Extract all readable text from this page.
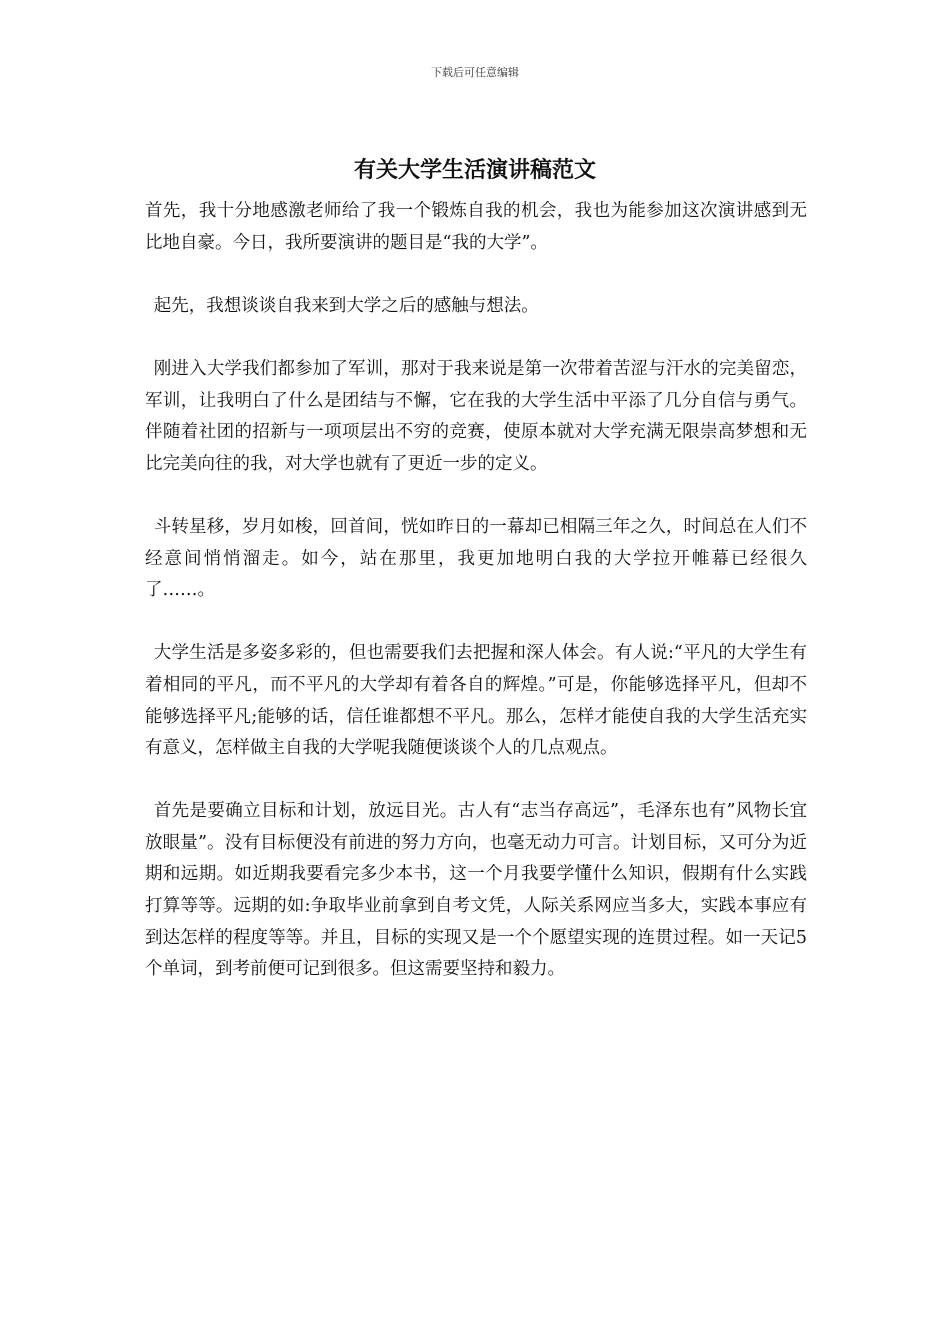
下载后可任意编辑
有关大学生活演讲稿范文

首先，我十分地感激老师给了我一个锻炼自我的机会，我也为能参加这次演讲感到无比地自豪。今日，我所要演讲的题目是“我的大学”。

起先，我想谈谈自我来到大学之后的感触与想法。

刚进入大学我们都参加了军训，那对于我来说是第一次带着苦涩与汗水的完美留恋，军训，让我明白了什么是团结与不懈，它在我的大学生活中平添了几分自信与勇气。伴随着社团的招新与一项项层出不穷的竞赛，使原本就对大学充满无限崇高梦想和无比完美向往的我，对大学也就有了更近一步的定义。

斗转星移，岁月如梭，回首间，恍如昨日的一幕却已相隔三年之久，时间总在人们不经意间悄悄溜走。如今，站在那里，我更加地明白我的大学拉开帷幕已经很久了……。

大学生活是多姿多彩的，但也需要我们去把握和深人体会。有人说:“平凡的大学生有着相同的平凡，而不平凡的大学却有着各自的辉煌。”可是，你能够选择平凡，但却不能够选择平凡;能够的话，信任谁都想不平凡。那么，怎样才能使自我的大学生活充实有意义，怎样做主自我的大学呢我随便谈谈个人的几点观点。

首先是要确立目标和计划，放远目光。古人有“志当存高远”，毛泽东也有”风物长宜放眼量”。没有目标便没有前进的努力方向，也毫无动力可言。计划目标，又可分为近期和远期。如近期我要看完多少本书，这一个月我要学懂什么知识，假期有什么实践打算等等。远期的如:争取毕业前拿到自考文凭，人际关系网应当多大，实践本事应有到达怎样的程度等等。并且，目标的实现又是一个个愿望实现的连贯过程。如一天记5个单词，到考前便可记到很多。但这需要坚持和毅力。
